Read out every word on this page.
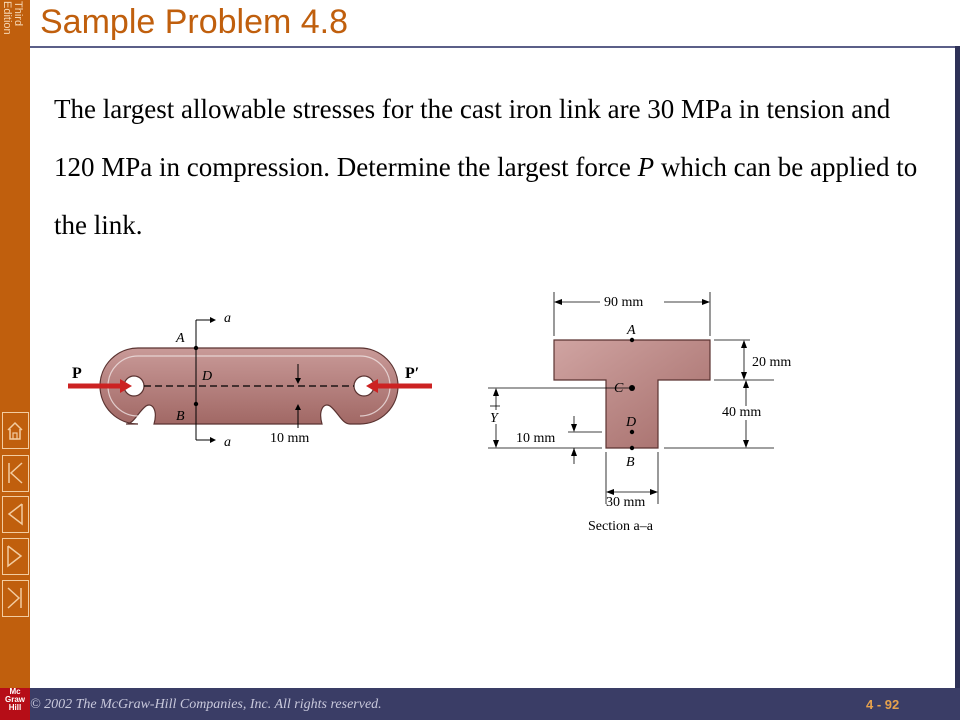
Third
Edition Sample Problem 4.8

The largest allowable stresses for the cast iron link are 30 MPa in tension and 120 MPa in compression. Determine the largest force P which can be applied to the link.

P	P′
a
a
A
B
D
10 mm
90 mm
20 mm
40 mm
Y
10 mm
30 mm
A
C
D
B
Section a–a
© 2002 The McGraw-Hill Companies, Inc. All rights reserved.	4 - 92
Mc
Graw
Hill
